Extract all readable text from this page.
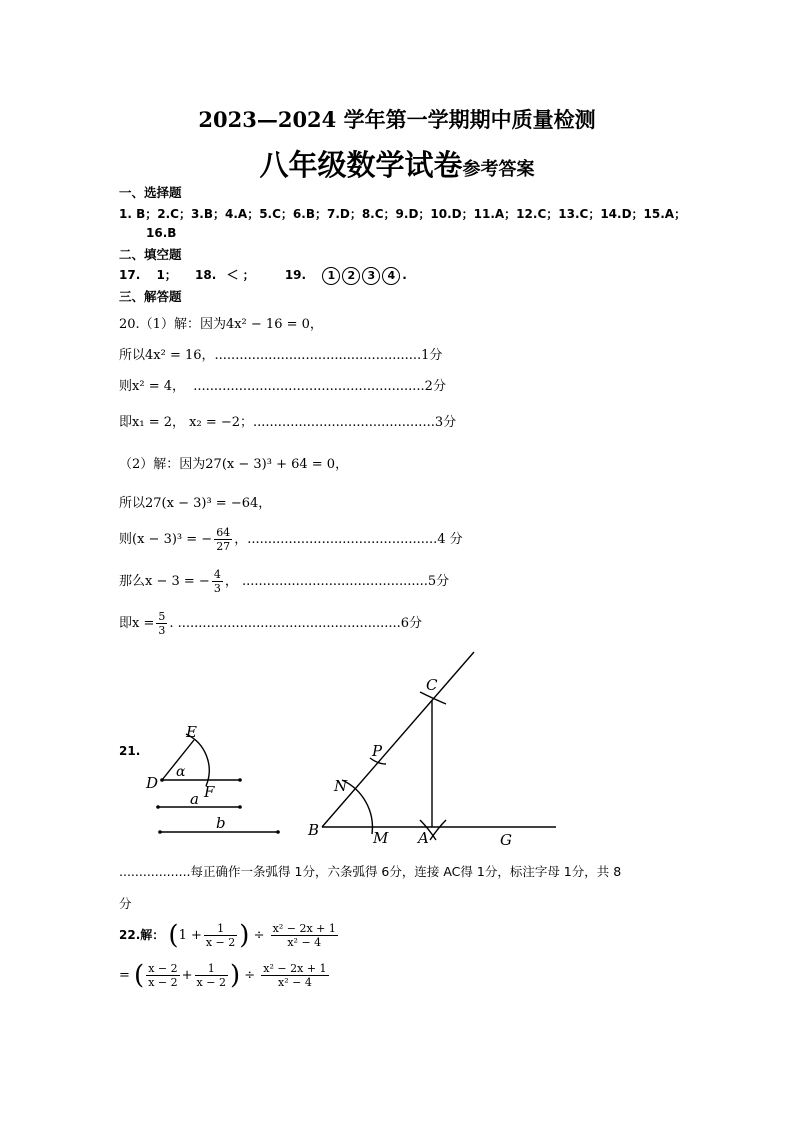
2023—2024 学年第一学期期中质量检测
八年级数学试卷参考答案
一、选择题
1. B；2.C；3.B；4.A；5.C；6.B；7.D；8.C；9.D；10.D；11.A；12.C；13.C；14.D；15.A；
16.B
二、填空题
17. 1； 18. ＜ ；	19. 1 2 3 4 .
三、解答题
20.（1）解：因为4x² − 16 = 0，
所以4x² = 16，..................................................1分
则x² = 4， ........................................................2分
即x₁ = 2， x₂ = −2；............................................3分
（2）解：因为27(x − 3)³ + 64 = 0，
所以27(x − 3)³ = −64，
则(x − 3)³ = − $\frac{64}{27}$ ，..............................................4 分
那么x − 3 = − $\frac{4}{3}$ ， .............................................5分
即$x = \frac{5}{3}$ . ......................................................6分
21.
E
α
D	F
a
b
C
P
N
B	M A	G
..................每正确作一条弧得 1分，六条弧得 6分，连接 AC得 1分，标注字母 1分，共 8
分
22.解： ($1 + \frac{1}{x - 2}$ ) ÷ $\frac{\text{x² − 2x + 1}}{\text{x² − 4}}$
= ( $\frac{x - 2}{x - 2} + \frac{1}{x - 2}$ ) ÷ $\frac{\text{x² − 2x + 1}}{\text{x² − 4}}$
